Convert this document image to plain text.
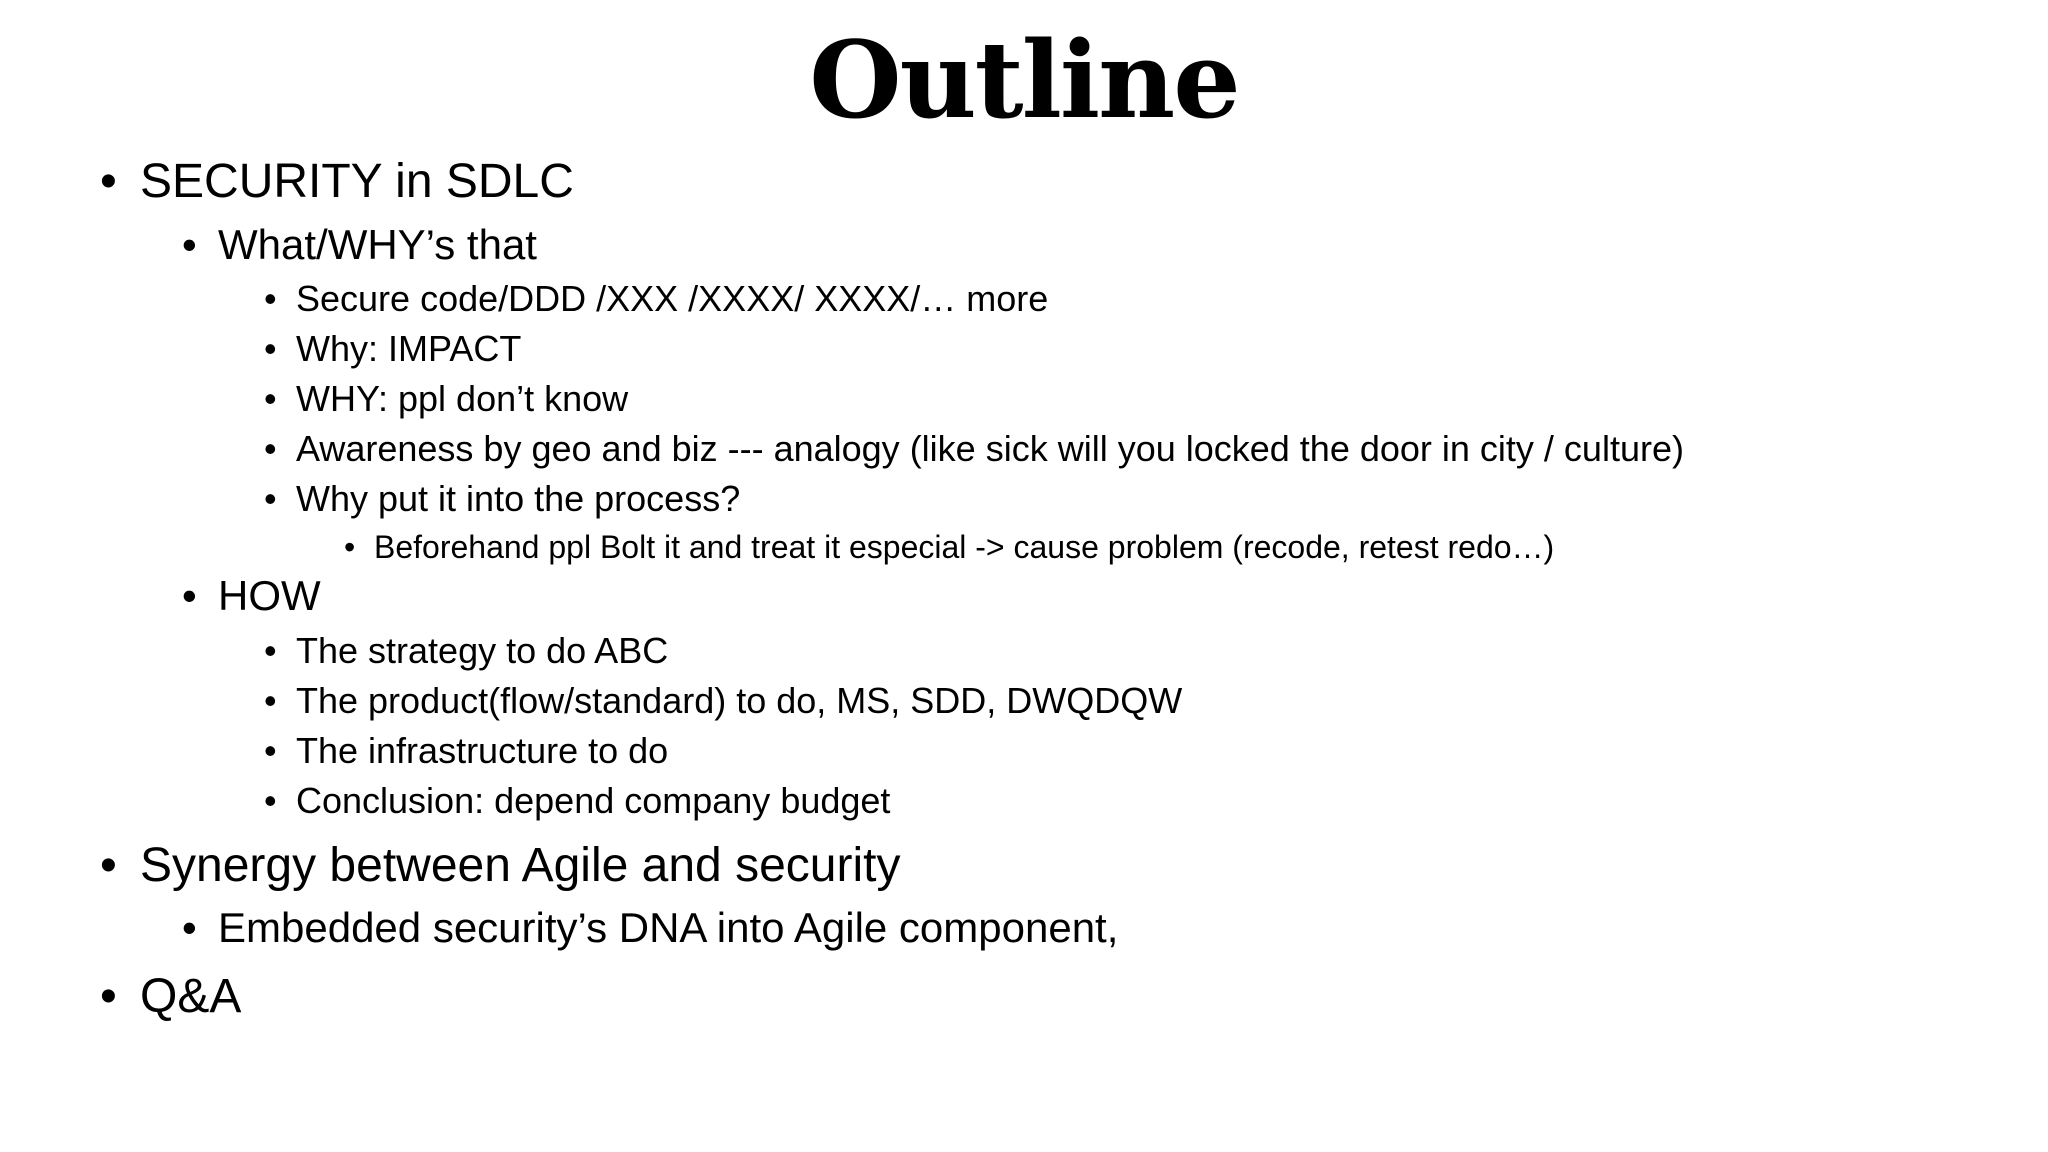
Outline
• SECURITY in SDLC
• What/WHY’s that
• Secure code/DDD /XXX /XXXX/ XXXX/… more
• Why: IMPACT
• WHY: ppl don’t know
• Awareness by geo and biz --- analogy (like sick will you locked the door in city / culture)
• Why put it into the process?
• Beforehand ppl Bolt it and treat it especial -> cause problem (recode, retest redo…)
• HOW
• The strategy to do ABC
• The product(flow/standard) to do, MS, SDD, DWQDQW
• The infrastructure to do
• Conclusion: depend company budget
• Synergy between Agile and security
• Embedded security’s DNA into Agile component,
• Q&A
